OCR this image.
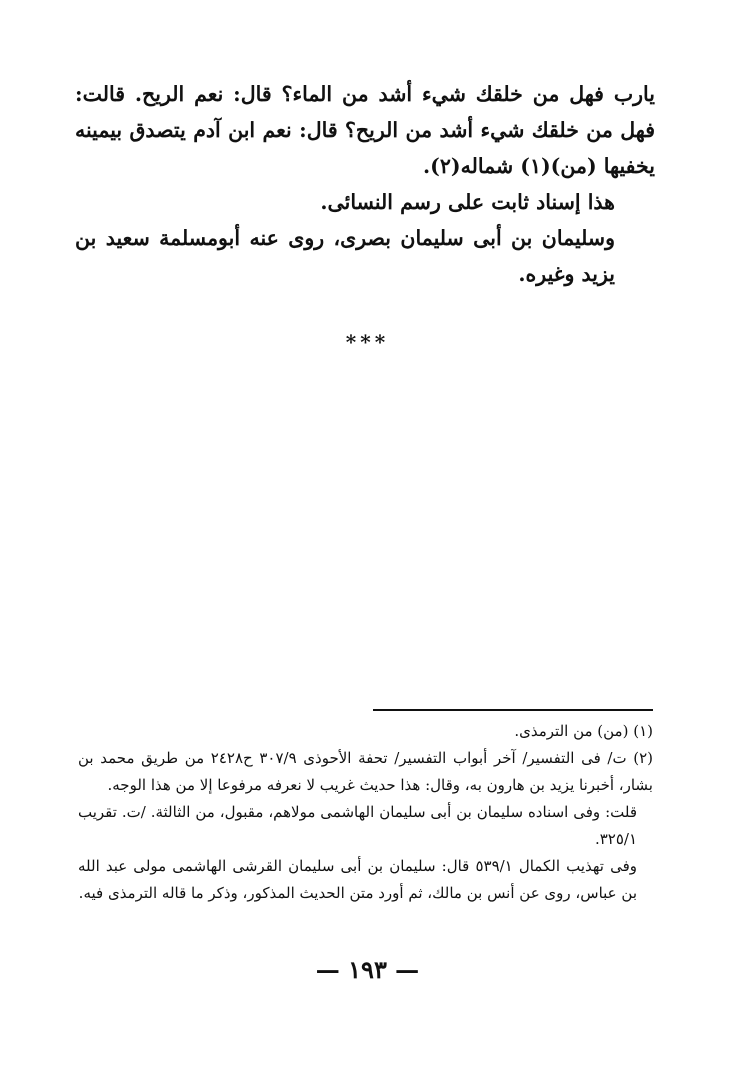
يارب فهل من خلقك شيء أشد من الماء؟ قال: نعم الريح. قالت: فهل من خلقك شيء أشد من الريح؟ قال: نعم ابن آدم يتصدق بيمينه يخفيها (من)(١) شماله(٢).

هذا إسناد ثابت على رسم النسائى.

وسليمان بن أبى سليمان بصرى، روى عنه أبومسلمة سعيد بن يزيد وغيره.

***

(١) (من) من الترمذى.

(٢) ت/ فى التفسير/ آخر أبواب التفسير/ تحفة الأحوذى ٣٠٧/٩ ح٢٤٢٨ من طريق محمد بن بشار، أخبرنا يزيد بن هارون به، وقال: هذا حديث غريب لا نعرفه مرفوعا إلا من هذا الوجه.

قلت: وفى اسناده سليمان بن أبى سليمان الهاشمى مولاهم، مقبول، من الثالثة. /ت. تقريب ٣٢٥/١.

وفى تهذيب الكمال ٥٣٩/١ قال: سليمان بن أبى سليمان القرشى الهاشمى مولى عبد الله بن عباس، روى عن أنس بن مالك، ثم أورد متن الحديث المذكور، وذكر ما قاله الترمذى فيه.

— ١٩٣ —
